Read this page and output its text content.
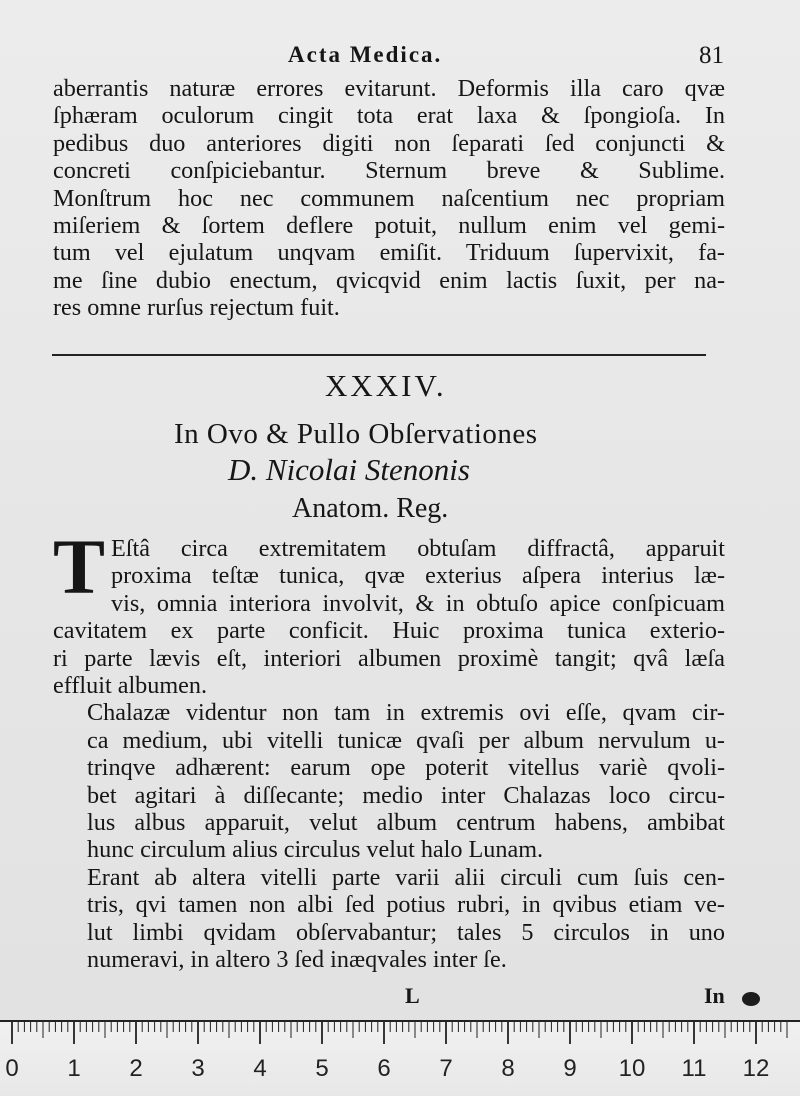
Acta Medica.	81

aberrantis naturæ errores evitarunt. Deformis illa caro qvæ
ſphæram oculorum cingit tota erat laxa & ſpongioſa. In
pedibus duo anteriores digiti non ſeparati ſed conjuncti &
concreti conſpiciebantur. Sternum breve & Sublime.
Monſtrum hoc nec communem naſcentium nec propriam
miſeriem & ſortem deflere potuit, nullum enim vel gemi-
tum vel ejulatum unqvam emiſit. Triduum ſupervixit, fa-
me ſine dubio enectum, qvicqvid enim lactis ſuxit, per na-
res omne rurſus rejectum fuit.

XXXIV.
In Ovo & Pullo Obſervationes
D. Nicolai Stenonis
Anatom. Reg.

T Eſtâ circa extremitatem obtuſam diffractâ, apparuit
proxima teſtæ tunica, qvæ exterius aſpera interius læ-
vis, omnia interiora involvit, & in obtuſo apice conſpicuam
cavitatem ex parte conficit. Huic proxima tunica exterio-
ri parte lævis eſt, interiori albumen proximè tangit; qvâ læſa
effluit albumen.

Chalazæ videntur non tam in extremis ovi eſſe, qvam cir-
ca medium, ubi vitelli tunicæ qvaſi per album nervulum u-
trinqve adhærent: earum ope poterit vitellus variè qvoli-
bet agitari à diſſecante; medio inter Chalazas loco circu-
lus albus apparuit, velut album centrum habens, ambibat
hunc circulum alius circulus velut halo Lunam.

Erant ab altera vitelli parte varii alii circuli cum ſuis cen-
tris, qvi tamen non albi ſed potius rubri, in qvibus etiam ve-
lut limbi qvidam obſervabantur; tales 5 circulos in uno
numeravi, in altero 3 ſed inæqvales inter ſe.

L	In
0 1 2 3 4 5 6 7 8 9 10 11 12
